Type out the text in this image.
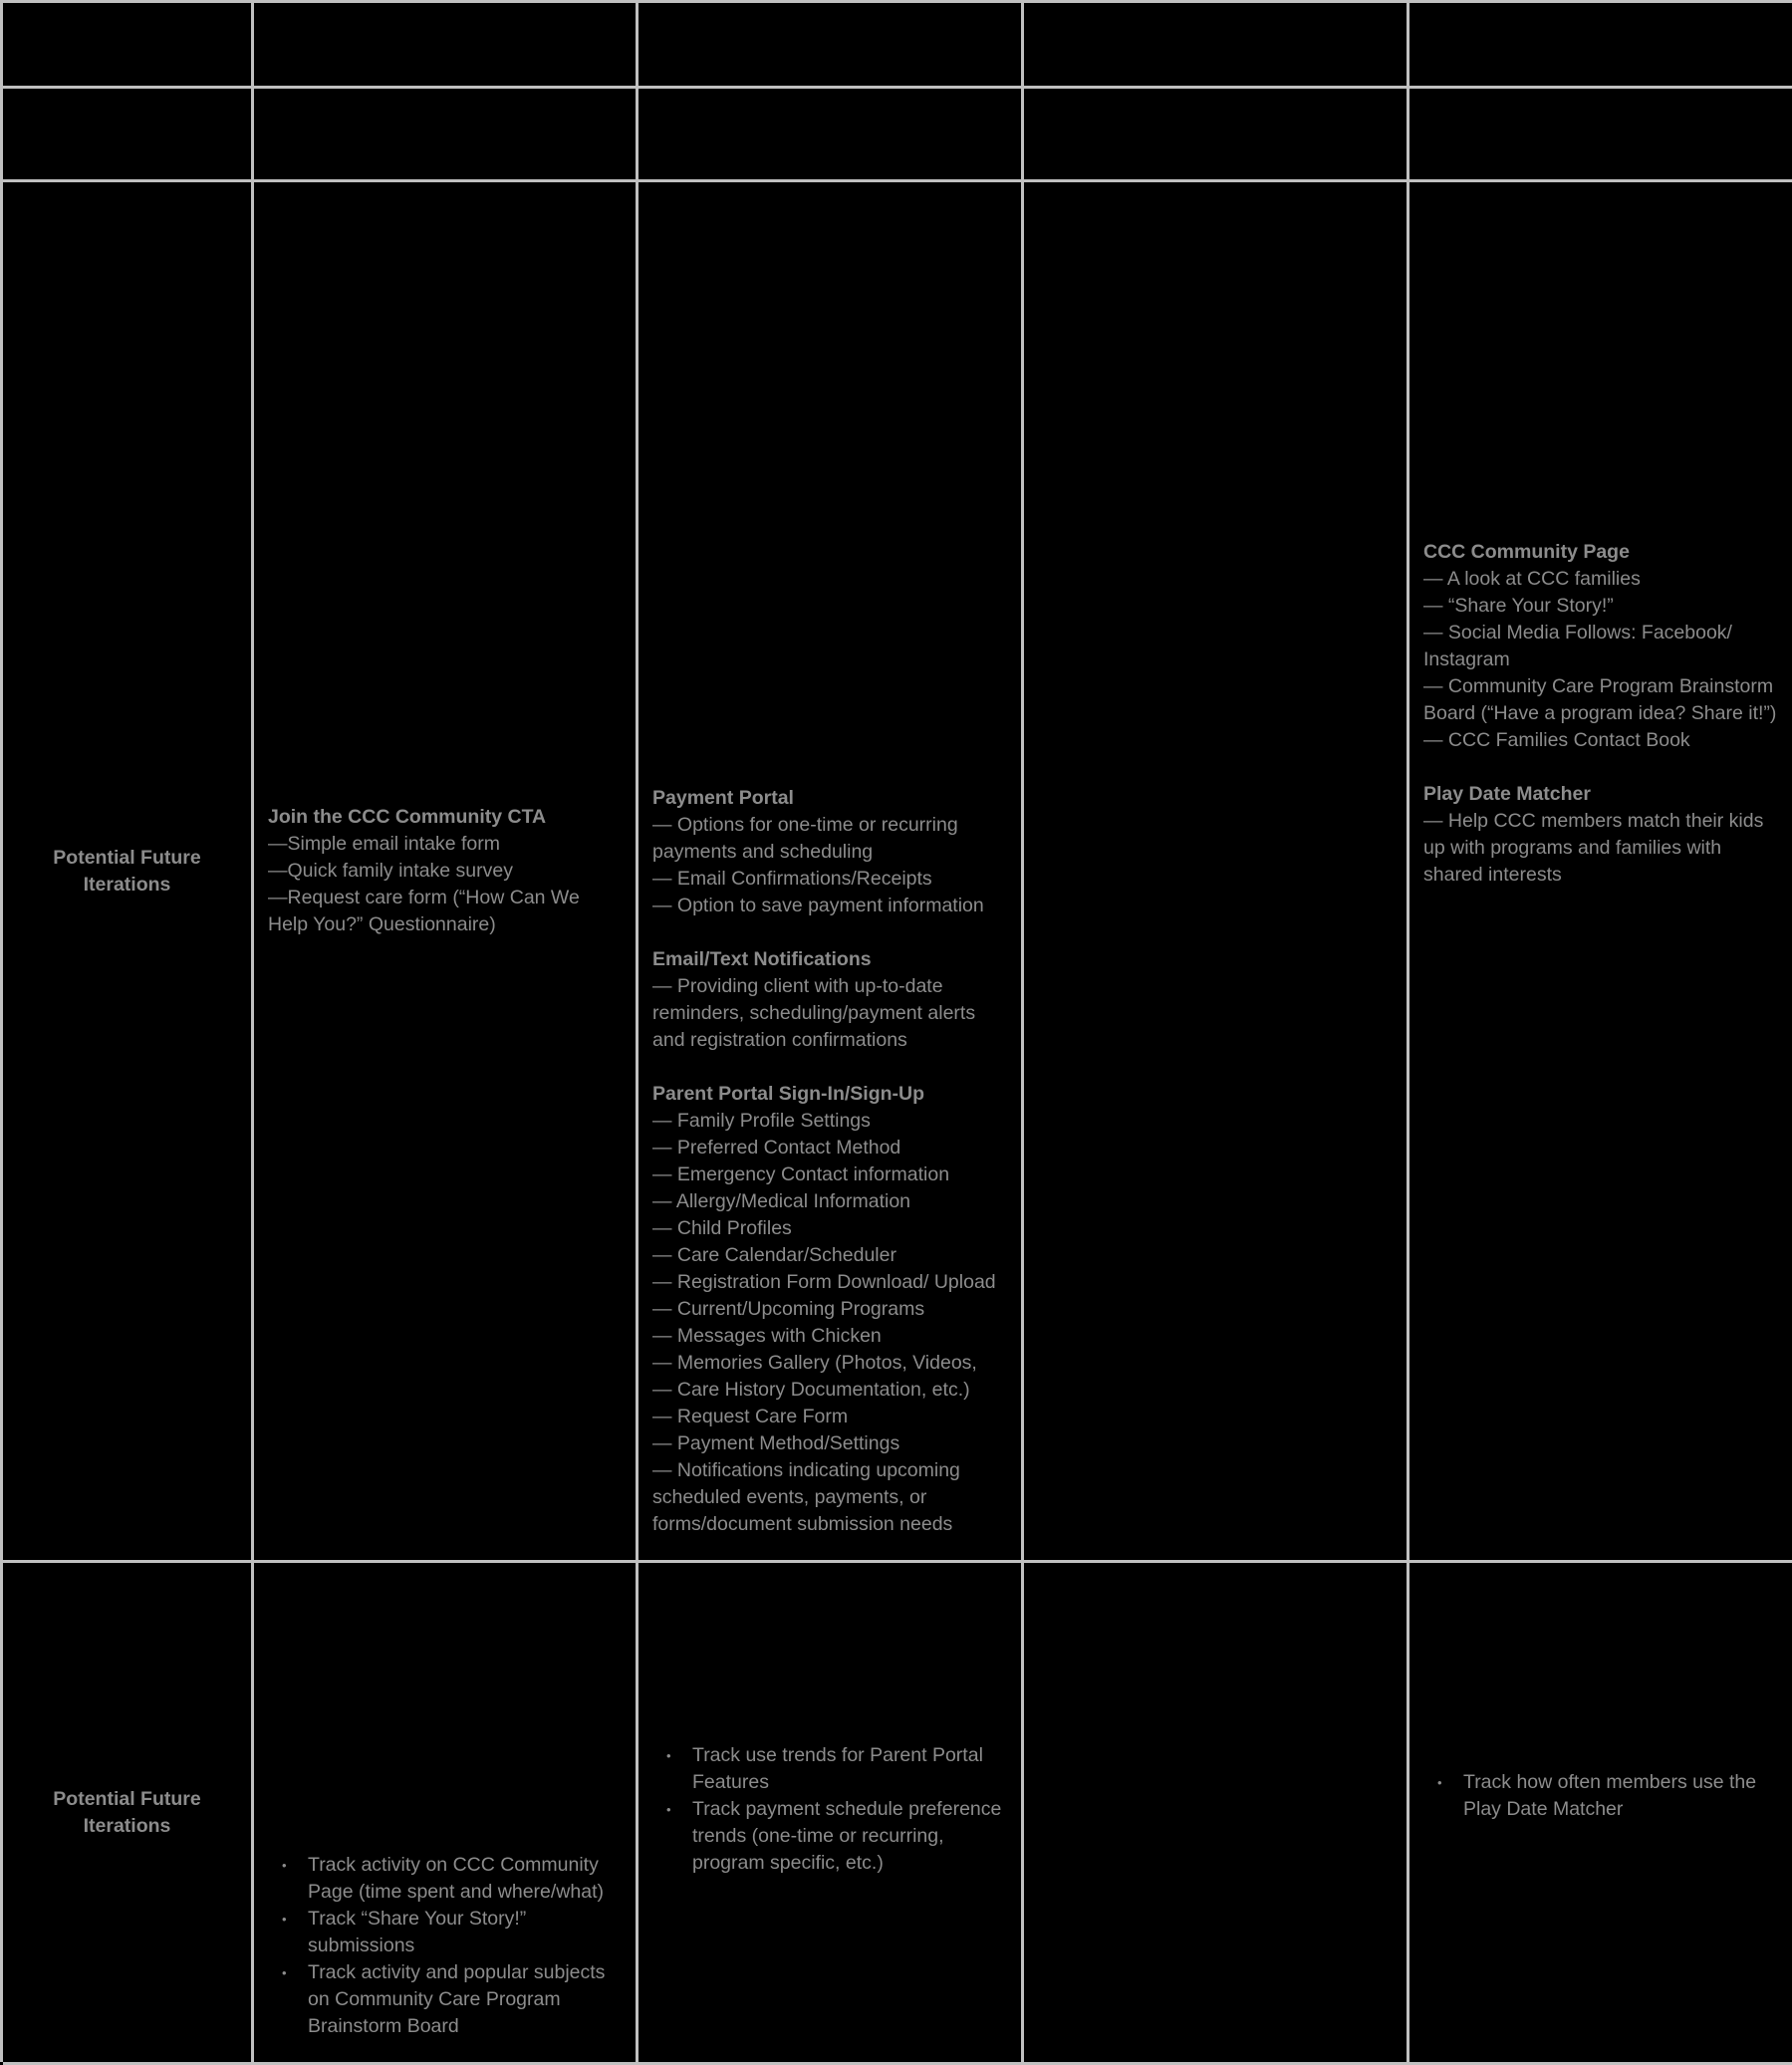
Potential Future Iterations
Join the CCC Community CTA
—Simple email intake form
—Quick family intake survey
—Request care form (“How Can We Help You?” Questionnaire)
Payment Portal
— Options for one-time or recurring payments and scheduling
— Email Confirmations/Receipts
— Option to save payment information
Email/Text Notifications
— Providing client with up-to-date reminders, scheduling/payment alerts and registration confirmations
Parent Portal Sign-In/Sign-Up
— Family Profile Settings
— Preferred Contact Method
— Emergency Contact information
— Allergy/Medical Information
— Child Profiles
— Care Calendar/Scheduler
— Registration Form Download/ Upload
— Current/Upcoming Programs
— Messages with Chicken
— Memories Gallery (Photos, Videos,
— Care History Documentation, etc.)
— Request Care Form
— Payment Method/Settings
— Notifications indicating upcoming scheduled events, payments, or forms/document submission needs
CCC Community Page
— A look at CCC families
— “Share Your Story!”
— Social Media Follows: Facebook/ Instagram
— Community Care Program Brainstorm Board (“Have a program idea? Share it!”)
— CCC Families Contact Book
Play Date Matcher
— Help CCC members match their kids up with programs and families with shared interests
Potential Future Iterations
• Track activity on CCC Community Page (time spent and where/what)
• Track “Share Your Story!” submissions
• Track activity and popular subjects on Community Care Program Brainstorm Board
• Track use trends for Parent Portal Features
• Track payment schedule preference trends (one-time or recurring, program specific, etc.)
• Track how often members use the Play Date Matcher
